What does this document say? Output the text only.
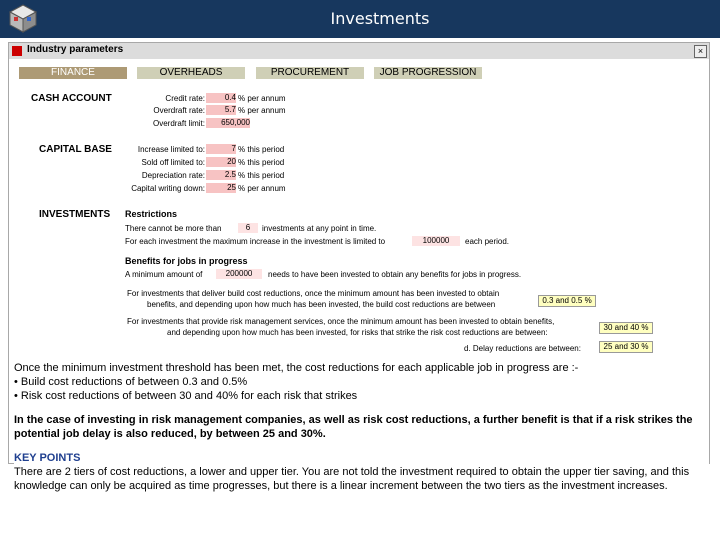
Investments
Industry parameters	×
FINANCE	OVERHEADS	PROCUREMENT	JOB PROGRESSION
CASH ACCOUNT	Credit rate:	0.4 % per annum
Overdraft rate:	5.7 % per annum
Overdraft limit:	650,000
CAPITAL BASE	Increase limited to:	7 % this period
Sold off limited to:	20 % this period
Depreciation rate:	2.5 % this period
Capital writing down:	25 % per annum
INVESTMENTS Restrictions
There cannot be more than	6	investments at any point in time.
For each investment the maximum increase in the investment is limited to	100000	each period.
Benefits for jobs in progress
A minimum amount of	200000	needs to have been invested to obtain any benefits for jobs in progress.
For investments that deliver build cost reductions, once the minimum amount has been invested to obtain
benefits, and depending upon how much has been invested, the build cost reductions are between	0.3 and 0.5 %
For investments that provide risk management services, once the minimum amount has been invested to obtain benefits,
and depending upon how much has been invested, for risks that strike the risk cost reductions are between:
30 and 40 %
d. Delay reductions are between:	25 and 30 %

Once the minimum investment threshold has been met, the cost reductions for each applicable job in progress are :-

• Build cost reductions of between 0.3 and 0.5%

• Risk cost reductions of between 30 and 40% for each risk that strikes

In the case of investing in risk management companies, as well as risk cost reductions, a further benefit is that if a risk strikes the potential job delay is also reduced, by between 25 and 30%.

KEY POINTS

There are 2 tiers of cost reductions, a lower and upper tier. You are not told the investment required to obtain the upper tier saving, and this knowledge can only be acquired as time progresses, but there is a linear increment between the two tiers as the investment increases.
